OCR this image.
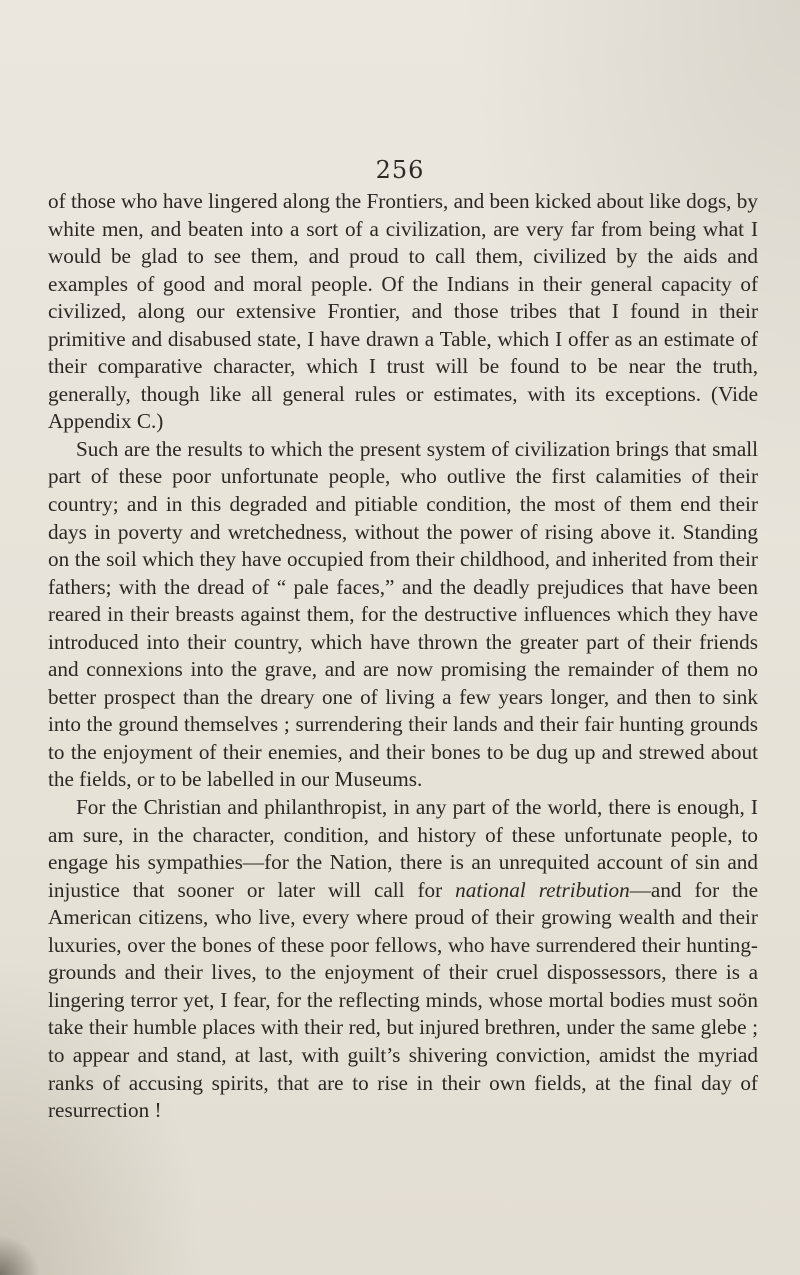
256

of those who have lingered along the Frontiers, and been kicked about like dogs, by white men, and beaten into a sort of a civilization, are very far from being what I would be glad to see them, and proud to call them, civilized by the aids and examples of good and moral people. Of the Indians in their general capacity of civilized, along our extensive Frontier, and those tribes that I found in their primitive and disabused state, I have drawn a Table, which I offer as an estimate of their comparative character, which I trust will be found to be near the truth, generally, though like all general rules or estimates, with its exceptions. (Vide Appendix C.)

Such are the results to which the present system of civilization brings that small part of these poor unfortunate people, who outlive the first calamities of their country; and in this degraded and pitiable condition, the most of them end their days in poverty and wretchedness, without the power of rising above it. Standing on the soil which they have occupied from their childhood, and inherited from their fathers; with the dread of “ pale faces,” and the deadly prejudices that have been reared in their breasts against them, for the destructive influences which they have introduced into their country, which have thrown the greater part of their friends and connexions into the grave, and are now promising the remainder of them no better prospect than the dreary one of living a few years longer, and then to sink into the ground themselves ; surrendering their lands and their fair hunting grounds to the enjoyment of their enemies, and their bones to be dug up and strewed about the fields, or to be labelled in our Museums.

For the Christian and philanthropist, in any part of the world, there is enough, I am sure, in the character, condition, and history of these unfortunate people, to engage his sympathies—for the Nation, there is an unrequited account of sin and injustice that sooner or later will call for national retribution—and for the American citizens, who live, every where proud of their growing wealth and their luxuries, over the bones of these poor fellows, who have surrendered their hunting-grounds and their lives, to the enjoyment of their cruel dispossessors, there is a lingering terror yet, I fear, for the reflecting minds, whose mortal bodies must soön take their humble places with their red, but injured brethren, under the same glebe ; to appear and stand, at last, with guilt’s shivering conviction, amidst the myriad ranks of accusing spirits, that are to rise in their own fields, at the final day of resurrection !
